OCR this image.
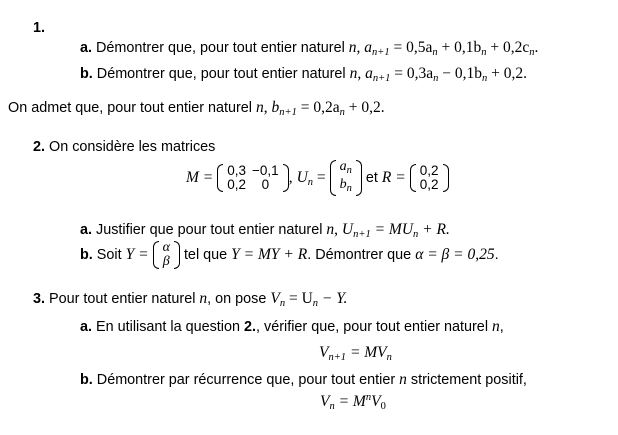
1.
a. Démontrer que, pour tout entier naturel n, $a_{n+1} = 0,5a_n + 0,1b_n + 0,2c_n$.
b. Démontrer que, pour tout entier naturel n, $a_{n+1} = 0,3a_n - 0,1b_n + 0,2$.
On admet que, pour tout entier naturel n, $b_{n+1} = 0,2a_n + 0,2$.
2. On considère les matrices
M = 0,3	−0,1
0,2	0 , $U_n$ =
$a_n$
$b_n$
et R = 0,2
0,2
a. Justifier que pour tout entier naturel n, $U_{n+1} = MU_n + R$.
b. Soit Y = α
β tel que Y = MY + R. Démontrer que α = β = 0,25.
3. Pour tout entier naturel n, on pose $V_n = U_n - Y$.
a. En utilisant la question 2., vérifier que, pour tout entier naturel n,
$V_{n+1} = MV_n$
b. Démontrer par récurrence que, pour tout entier n strictement positif,
$V_n = M^nV_0$
